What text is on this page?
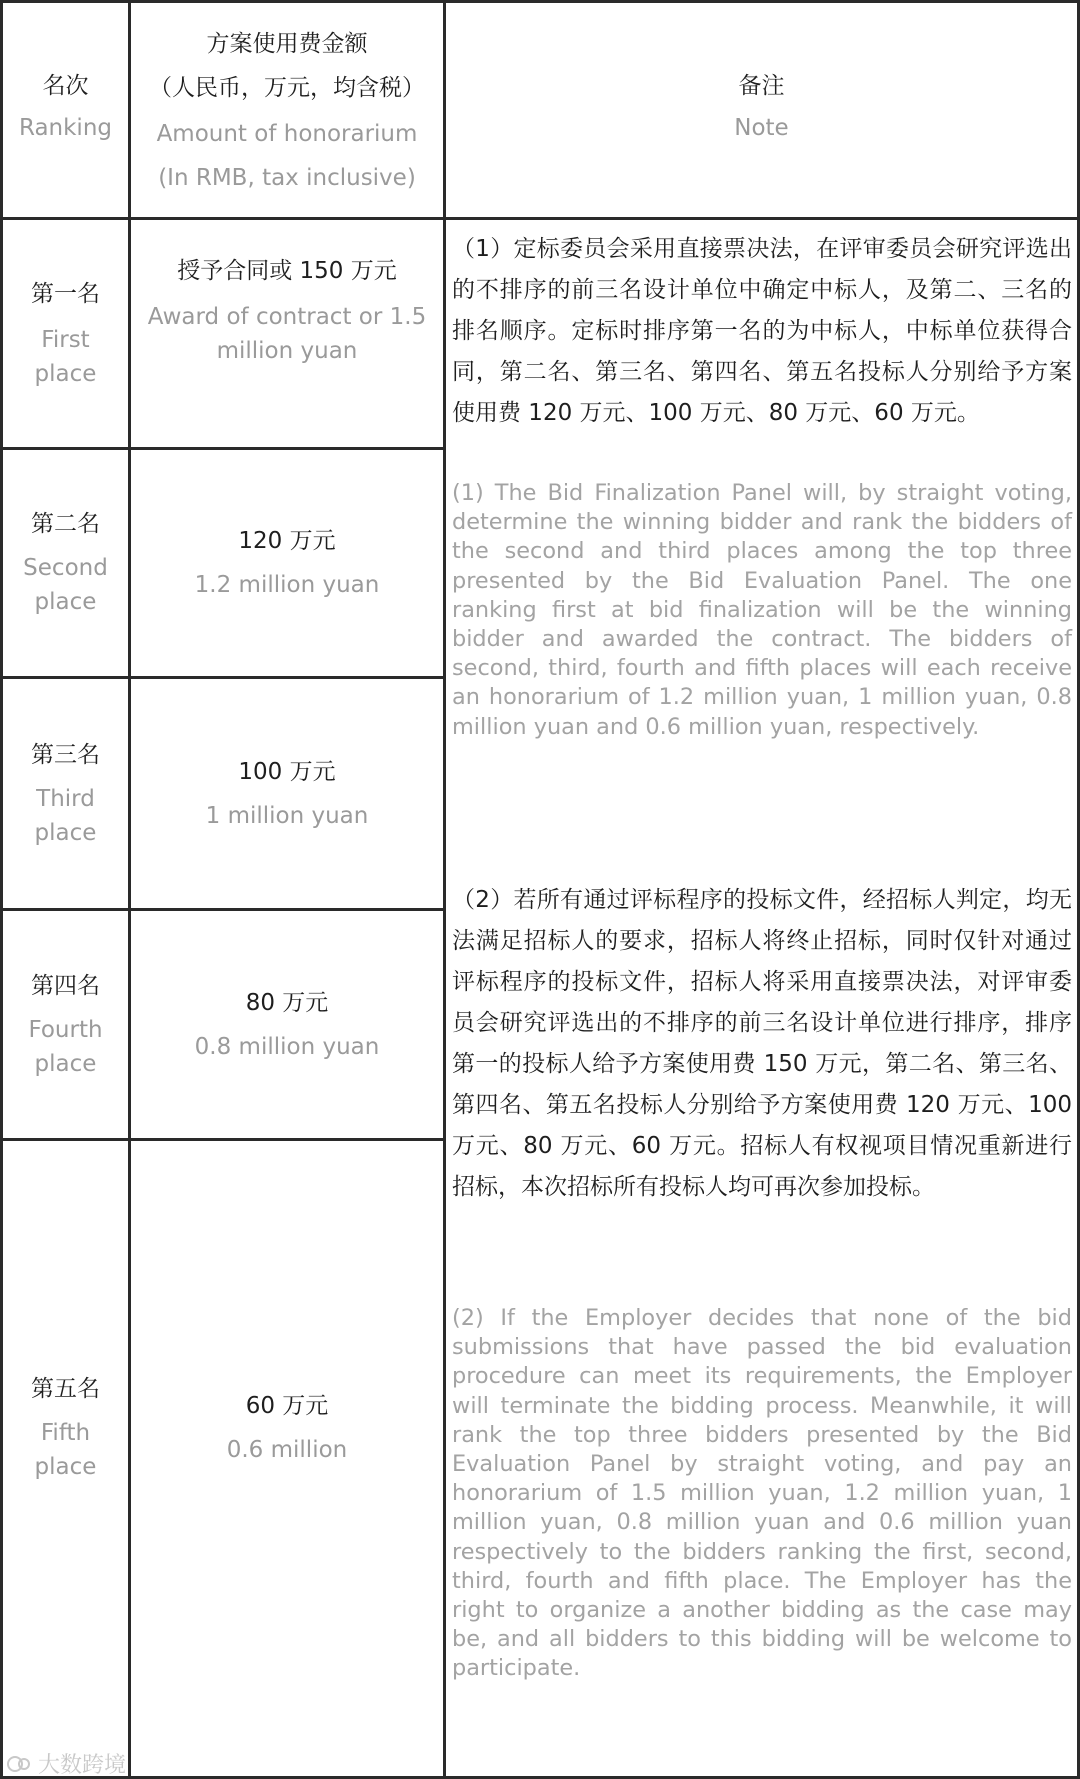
名次
Ranking
方案使用费金额
（人民币，万元，均含税）
Amount of honorarium
(In RMB, tax inclusive)
备注
Note
第一名
First
place
授予合同或 150 万元
Award of contract or 1.5
million yuan
第二名
Second
place
120 万元
1.2 million yuan
第三名
Third
place
100 万元
1 million yuan
第四名
Fourth
place
80 万元
0.8 million yuan
第五名
Fifth
place
60 万元
0.6 million
（1）定标委员会采用直接票决法，在评审委员会研究评选出的不排序的前三名设计单位中确定中标人，及第二、三名的排名顺序。定标时排序第一名的为中标人，中标单位获得合同，第二名、第三名、第四名、第五名投标人分别给予方案使用费 120 万元、100 万元、80 万元、60 万元。
(1) The Bid Finalization Panel will, by straight voting, determine the winning bidder and rank the bidders of the second and third places among the top three presented by the Bid Evaluation Panel. The one ranking first at bid finalization will be the winning bidder and awarded the contract. The bidders of second, third, fourth and fifth places will each receive an honorarium of 1.2 million yuan, 1 million yuan, 0.8 million yuan and 0.6 million yuan, respectively.
（2）若所有通过评标程序的投标文件，经招标人判定，均无法满足招标人的要求，招标人将终止招标，同时仅针对通过评标程序的投标文件，招标人将采用直接票决法，对评审委员会研究评选出的不排序的前三名设计单位进行排序，排序第一的投标人给予方案使用费 150 万元，第二名、第三名、第四名、第五名投标人分别给予方案使用费 120 万元、100 万元、80 万元、60 万元。招标人有权视项目情况重新进行招标，本次招标所有投标人均可再次参加投标。
(2) If the Employer decides that none of the bid submissions that have passed the bid evaluation procedure can meet its requirements, the Employer will terminate the bidding process. Meanwhile, it will rank the top three bidders presented by the Bid Evaluation Panel by straight voting, and pay an honorarium of 1.5 million yuan, 1.2 million yuan, 1 million yuan, 0.8 million yuan and 0.6 million yuan respectively to the bidders ranking the first, second, third, fourth and fifth place. The Employer has the right to organize a another bidding as the case may be, and all bidders to this bidding will be welcome to participate.
大数跨境
